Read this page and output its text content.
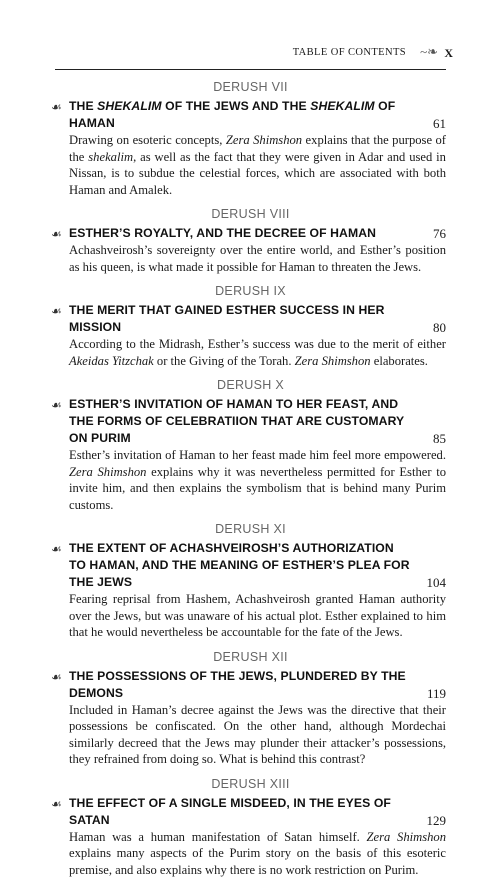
TABLE OF CONTENTS ~❧ X
DERUSH VII
☙ THE SHEKALIM OF THE JEWS AND THE SHEKALIM OF HAMAN	61

Drawing on esoteric concepts, Zera Shimshon explains that the purpose of the shekalim, as well as the fact that they were given in Adar and used in Nissan, is to subdue the celestial forces, which are associated with both Haman and Amalek.

DERUSH VIII
☙ ESTHER’S ROYALTY, AND THE DECREE OF HAMAN	76

Achashveirosh’s sovereignty over the entire world, and Esther’s position as his queen, is what made it possible for Haman to threaten the Jews.

DERUSH IX
☙ THE MERIT THAT GAINED ESTHER SUCCESS IN HER MISSION	80

According to the Midrash, Esther’s success was due to the merit of either Akeidas Yitzchak or the Giving of the Torah. Zera Shimshon elaborates.

DERUSH X
☙ ESTHER’S INVITATION OF HAMAN TO HER FEAST, AND THE FORMS OF CELEBRATIION THAT ARE CUSTOMARY ON PURIM	85

Esther’s invitation of Haman to her feast made him feel more empowered. Zera Shimshon explains why it was nevertheless permitted for Esther to invite him, and then explains the symbolism that is behind many Purim customs.

DERUSH XI
☙ THE EXTENT OF ACHASHVEIROSH’S AUTHORIZATION TO HAMAN, AND THE MEANING OF ESTHER’S PLEA FOR THE JEWS	104

Fearing reprisal from Hashem, Achashveirosh granted Haman authority over the Jews, but was unaware of his actual plot. Esther explained to him that he would nevertheless be accountable for the fate of the Jews.

DERUSH XII
☙ THE POSSESSIONS OF THE JEWS, PLUNDERED BY THE DEMONS	119

Included in Haman’s decree against the Jews was the directive that their possessions be confiscated. On the other hand, although Mordechai similarly decreed that the Jews may plunder their attacker’s possessions, they refrained from doing so. What is behind this contrast?

DERUSH XIII
☙ THE EFFECT OF A SINGLE MISDEED, IN THE EYES OF SATAN	129

Haman was a human manifestation of Satan himself. Zera Shimshon explains many aspects of the Purim story on the basis of this esoteric premise, and also explains why there is no work restriction on Purim.
